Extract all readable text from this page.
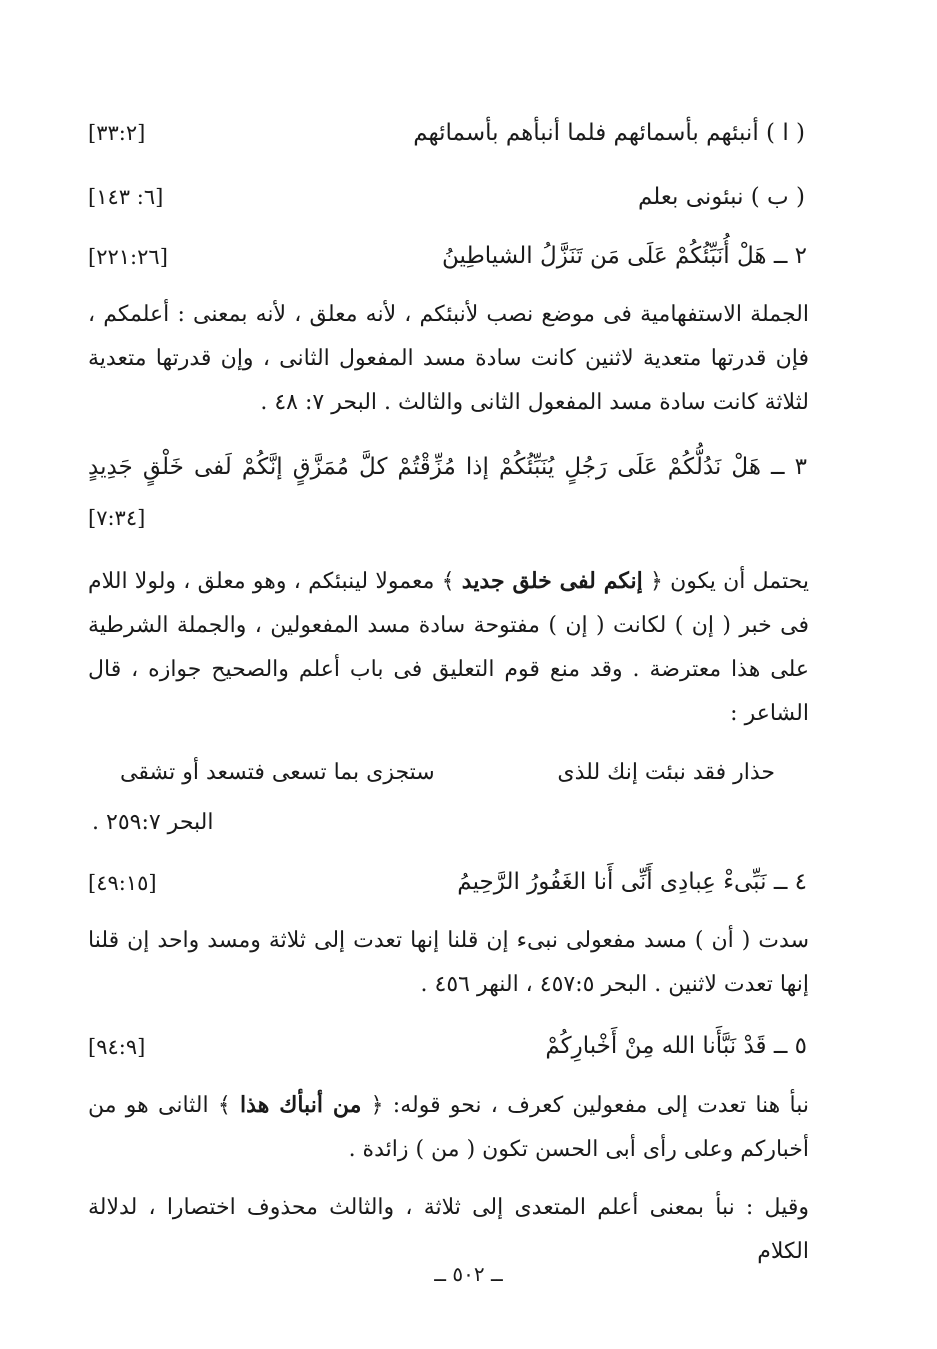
( ا ) أنبئهم بأسمائهم فلما أنبأهم بأسمائهم
[٣٣:٢]
( ب ) نبئونى بعلم
[٦: ١٤٣]
٢ ــ هَلْ أُنَبِّئُكُمْ عَلَى مَن تَنَزَّلُ الشياطِينُ
[٢٢١:٢٦]
الجملة الاستفهامية فى موضع نصب لأنبئكم ، لأنه معلق ، لأنه بمعنى : أعلمكم ، فإن قدرتها متعدية لاثنين كانت سادة مسد المفعول الثانى ، وإن قدرتها متعدية لثلاثة كانت سادة مسد المفعول الثانى والثالث . البحر ٧: ٤٨ .
٣ ــ هَلْ نَدُلُّكُمْ عَلَى رَجُلٍ يُنَبِّئُكُمْ إذا مُزِّقْتُمْ كلَّ مُمَزَّقٍ إنَّكُمْ لَفى خَلْقٍ جَدِيدٍ
[٧:٣٤]
يحتمل أن يكون ﴿ إنكم لفى خلق جديد ﴾ معمولا لينبئكم ، وهو معلق ، ولولا اللام فى خبر ( إن ) لكانت ( إن ) مفتوحة سادة مسد المفعولين ، والجملة الشرطية على هذا معترضة . وقد منع قوم التعليق فى باب أعلم والصحيح جوازه ، قال الشاعر :
حذار فقد نبئت إنك للذى
ستجزى بما تسعى فتسعد أو تشقى
البحر ٢٥٩:٧ .
٤ ــ نَبِّىءْ عِبادِى أَنِّى أَنا الغَفُورُ الرَّحِيمُ
[٤٩:١٥]
سدت ( أن ) مسد مفعولى نبىء إن قلنا إنها تعدت إلى ثلاثة ومسد واحد إن قلنا إنها تعدت لاثنين . البحر ٤٥٧:٥ ، النهر ٤٥٦ .
٥ ــ قَدْ نَبَّأَنا الله مِنْ أَخْبارِكُمْ
[٩٤:٩]
نبأ هنا تعدت إلى مفعولين كعرف ، نحو قوله: ﴿ من أنبأك هذا ﴾ الثانى هو من أخباركم وعلى رأى أبى الحسن تكون ( من ) زائدة .
وقيل : نبأ بمعنى أعلم المتعدى إلى ثلاثة ، والثالث محذوف اختصارا ، لدلالة الكلام
ــ ٥٠٢ ــ
